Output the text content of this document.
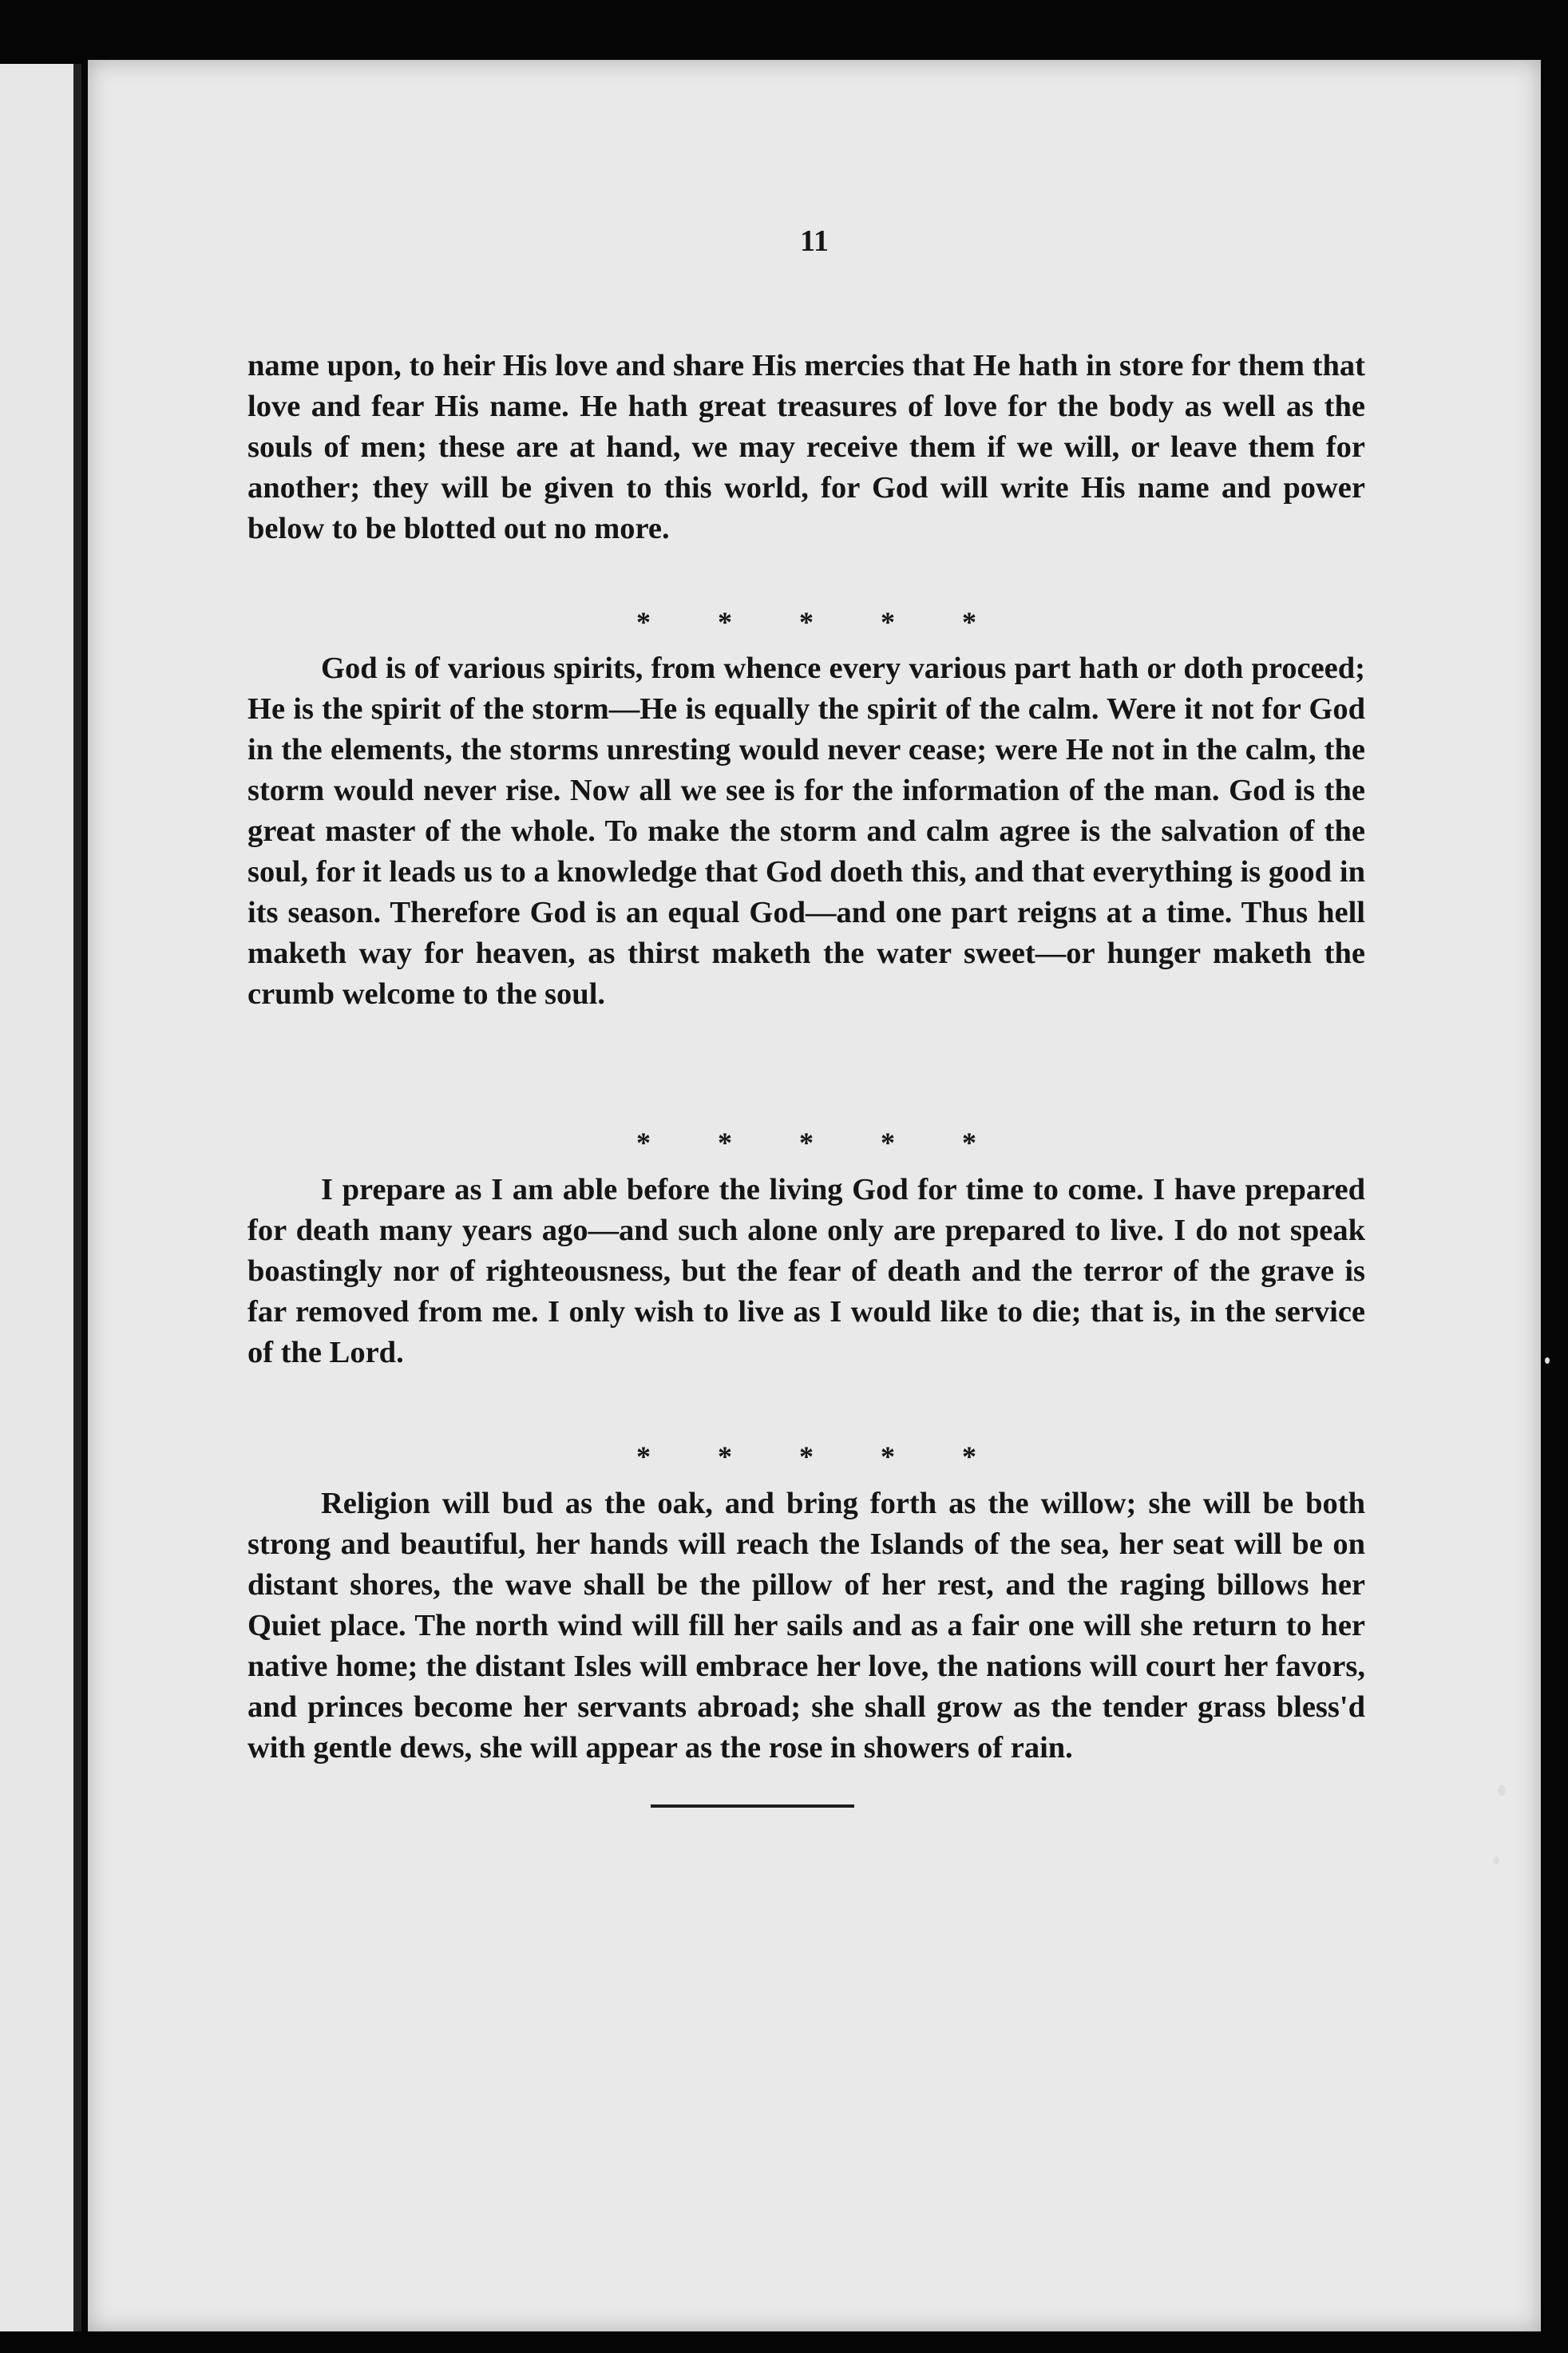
11

name upon, to heir His love and share His mercies that He hath in store for them that love and fear His name. He hath great treasures of love for the body as well as the souls of men; these are at hand, we may receive them if we will, or leave them for another; they will be given to this world, for God will write His name and power below to be blotted out no more.

* * * * *

God is of various spirits, from whence every various part hath or doth proceed; He is the spirit of the storm—He is equally the spirit of the calm. Were it not for God in the elements, the storms unresting would never cease; were He not in the calm, the storm would never rise. Now all we see is for the information of the man. God is the great master of the whole. To make the storm and calm agree is the salvation of the soul, for it leads us to a knowledge that God doeth this, and that everything is good in its season. Therefore God is an equal God—and one part reigns at a time. Thus hell maketh way for heaven, as thirst maketh the water sweet—or hunger maketh the crumb welcome to the soul.

* * * * *

I prepare as I am able before the living God for time to come. I have prepared for death many years ago—and such alone only are prepared to live. I do not speak boastingly nor of righteousness, but the fear of death and the terror of the grave is far removed from me. I only wish to live as I would like to die; that is, in the service of the Lord.

* * * * *

Religion will bud as the oak, and bring forth as the willow; she will be both strong and beautiful, her hands will reach the Islands of the sea, her seat will be on distant shores, the wave shall be the pillow of her rest, and the raging billows her Quiet place. The north wind will fill her sails and as a fair one will she return to her native home; the distant Isles will embrace her love, the nations will court her favors, and princes become her servants abroad; she shall grow as the tender grass bless'd with gentle dews, she will appear as the rose in showers of rain.
